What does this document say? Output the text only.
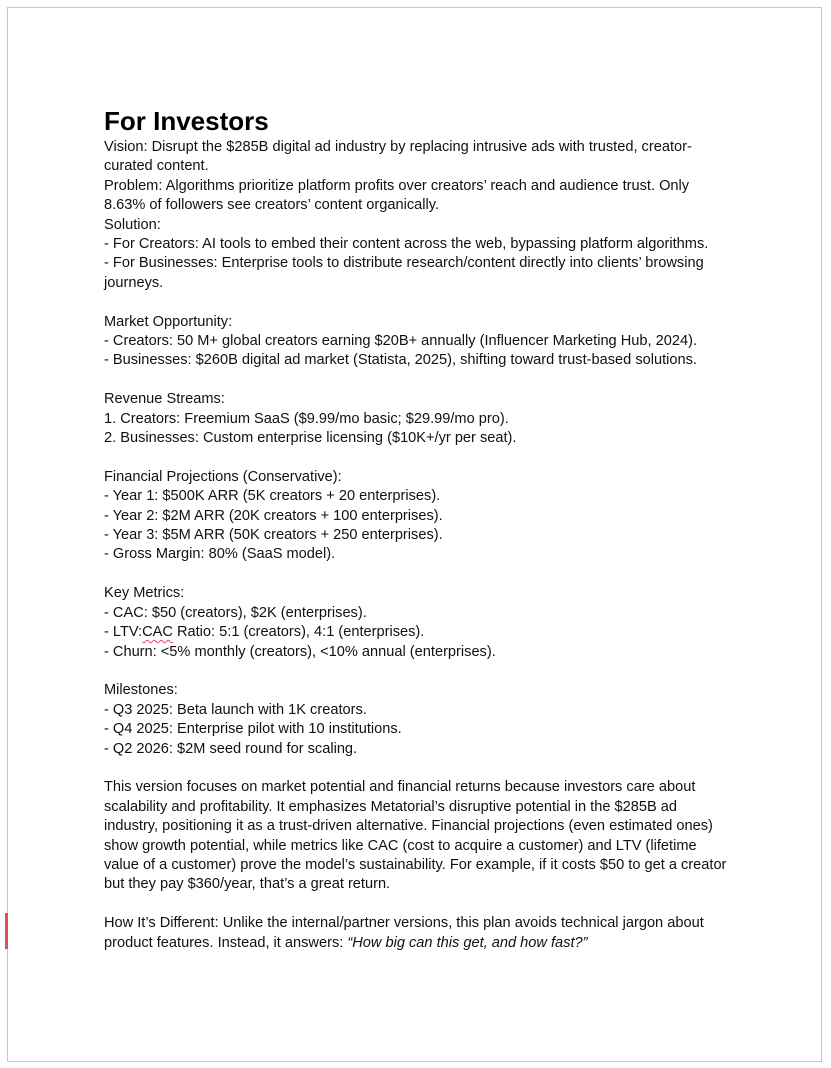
For Investors
Vision: Disrupt the $285B digital ad industry by replacing intrusive ads with trusted, creator-curated content.
Problem: Algorithms prioritize platform profits over creators’ reach and audience trust. Only 8.63% of followers see creators’ content organically.
Solution:
- For Creators: AI tools to embed their content across the web, bypassing platform algorithms.
- For Businesses: Enterprise tools to distribute research/content directly into clients’ browsing journeys.
Market Opportunity:
- Creators: 50 M+ global creators earning $20B+ annually (Influencer Marketing Hub, 2024).
- Businesses: $260B digital ad market (Statista, 2025), shifting toward trust-based solutions.
Revenue Streams:
1. Creators: Freemium SaaS ($9.99/mo basic; $29.99/mo pro).
2. Businesses: Custom enterprise licensing ($10K+/yr per seat).
Financial Projections (Conservative):
- Year 1: $500K ARR (5K creators + 20 enterprises).
- Year 2: $2M ARR (20K creators + 100 enterprises).
- Year 3: $5M ARR (50K creators + 250 enterprises).
- Gross Margin: 80% (SaaS model).
Key Metrics:
- CAC: $50 (creators), $2K (enterprises).
- LTV:CAC Ratio: 5:1 (creators), 4:1 (enterprises).
- Churn: <5% monthly (creators), <10% annual (enterprises).
Milestones:
- Q3 2025: Beta launch with 1K creators.
- Q4 2025: Enterprise pilot with 10 institutions.
- Q2 2026: $2M seed round for scaling.
This version focuses on market potential and financial returns because investors care about scalability and profitability. It emphasizes Metatorial’s disruptive potential in the $285B ad industry, positioning it as a trust-driven alternative. Financial projections (even estimated ones) show growth potential, while metrics like CAC (cost to acquire a customer) and LTV (lifetime value of a customer) prove the model’s sustainability. For example, if it costs $50 to get a creator but they pay $360/year, that’s a great return.
How It’s Different: Unlike the internal/partner versions, this plan avoids technical jargon about product features. Instead, it answers: “How big can this get, and how fast?”
